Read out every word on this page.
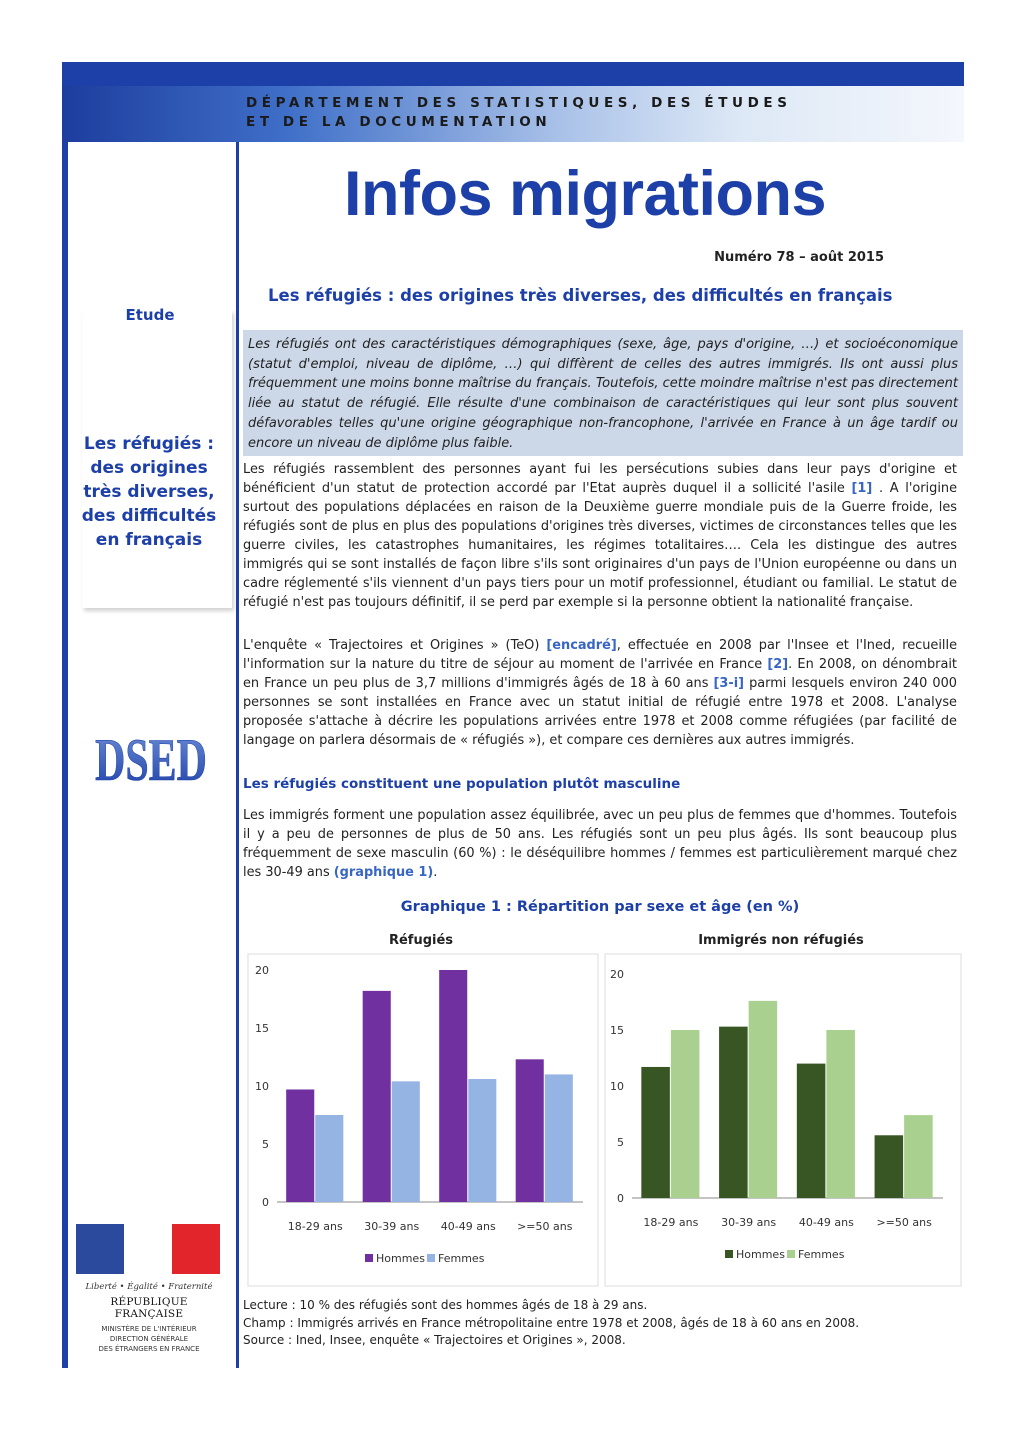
DÉPARTEMENT DES STATISTIQUES, DES ÉTUDES
ET DE LA DOCUMENTATION
Etude
Les réfugiés :
des origines
très diverses,
des difficultés
en français
DSED
Liberté • Égalité • Fraternité
RÉPUBLIQUE FRANÇAISE
MINISTÈRE DE L'INTÉRIEUR
DIRECTION GÉNÉRALE
DES ÉTRANGERS EN FRANCE
Infos migrations
Numéro 78 – août 2015
Les réfugiés : des origines très diverses, des difficultés en français
Les réfugiés ont des caractéristiques démographiques (sexe, âge, pays d'origine, …) et socioéconomique (statut d'emploi, niveau de diplôme, …) qui diffèrent de celles des autres immigrés. Ils ont aussi plus fréquemment une moins bonne maîtrise du français. Toutefois, cette moindre maîtrise n'est pas directement liée au statut de réfugié. Elle résulte d'une combinaison de caractéristiques qui leur sont plus souvent défavorables telles qu'une origine géographique non-francophone, l'arrivée en France à un âge tardif ou encore un niveau de diplôme plus faible.

Les réfugiés rassemblent des personnes ayant fui les persécutions subies dans leur pays d'origine et bénéficient d'un statut de protection accordé par l'Etat auprès duquel il a sollicité l'asile [1] . A l'origine surtout des populations déplacées en raison de la Deuxième guerre mondiale puis de la Guerre froide, les réfugiés sont de plus en plus des populations d'origines très diverses, victimes de circonstances telles que les guerre civiles, les catastrophes humanitaires, les régimes totalitaires…. Cela les distingue des autres immigrés qui se sont installés de façon libre s'ils sont originaires d'un pays de l'Union européenne ou dans un cadre réglementé s'ils viennent d'un pays tiers pour un motif professionnel, étudiant ou familial. Le statut de réfugié n'est pas toujours définitif, il se perd par exemple si la personne obtient la nationalité française.

L'enquête « Trajectoires et Origines » (TeO) [encadré], effectuée en 2008 par l'Insee et l'Ined, recueille l'information sur la nature du titre de séjour au moment de l'arrivée en France [2]. En 2008, on dénombrait en France un peu plus de 3,7 millions d'immigrés âgés de 18 à 60 ans [3-i] parmi lesquels environ 240 000 personnes se sont installées en France avec un statut initial de réfugié entre 1978 et 2008. L'analyse proposée s'attache à décrire les populations arrivées entre 1978 et 2008 comme réfugiées (par facilité de langage on parlera désormais de « réfugiés »), et compare ces dernières aux autres immigrés.

Les réfugiés constituent une population plutôt masculine

Les immigrés forment une population assez équilibrée, avec un peu plus de femmes que d'hommes. Toutefois il y a peu de personnes de plus de 50 ans. Les réfugiés sont un peu plus âgés. Ils sont beaucoup plus fréquemment de sexe masculin (60 %) : le déséquilibre hommes / femmes est particulièrement marqué chez les 30-49 ans (graphique 1).

Graphique 1 : Répartition par sexe et âge (en %)
Réfugiés
0
5
10
15
20
18-29 ans 30-39 ans 40-49 ans >=50 ans
Hommes Femmes
Immigrés non réfugiés
0
5
10
15
20
18-29 ans 30-39 ans 40-49 ans >=50 ans
Hommes Femmes
Lecture : 10 % des réfugiés sont des hommes âgés de 18 à 29 ans.
Champ : Immigrés arrivés en France métropolitaine entre 1978 et 2008, âgés de 18 à 60 ans en 2008.
Source : Ined, Insee, enquête « Trajectoires et Origines », 2008.
